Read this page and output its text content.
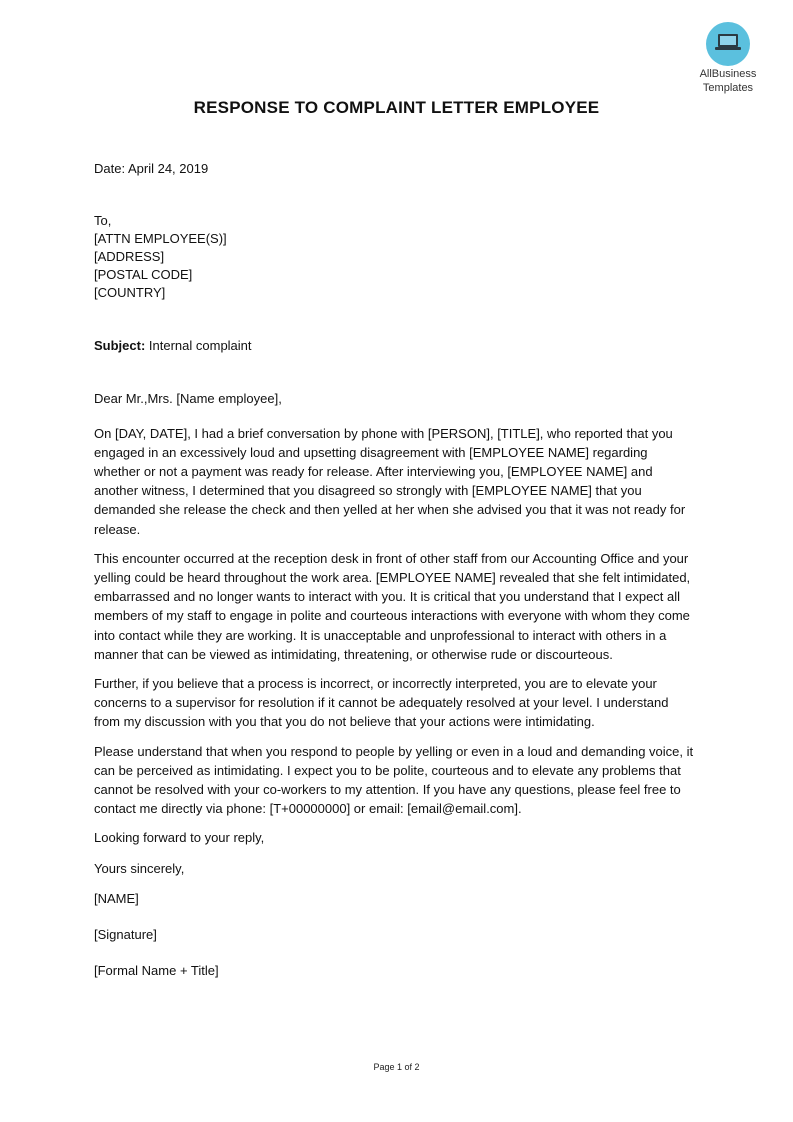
AllBusiness
Templates
RESPONSE TO COMPLAINT LETTER EMPLOYEE
Date: April 24, 2019
To,
[ATTN EMPLOYEE(S)]
[ADDRESS]
[POSTAL CODE]
[COUNTRY]
Subject: Internal complaint
Dear Mr.,Mrs. [Name employee],

On [DAY, DATE], I had a brief conversation by phone with [PERSON], [TITLE], who reported that you engaged in an excessively loud and upsetting disagreement with [EMPLOYEE NAME] regarding whether or not a payment was ready for release. After interviewing you, [EMPLOYEE NAME] and another witness, I determined that you disagreed so strongly with [EMPLOYEE NAME] that you demanded she release the check and then yelled at her when she advised you that it was not ready for release.

This encounter occurred at the reception desk in front of other staff from our Accounting Office and your yelling could be heard throughout the work area. [EMPLOYEE NAME] revealed that she felt intimidated, embarrassed and no longer wants to interact with you. It is critical that you understand that I expect all members of my staff to engage in polite and courteous interactions with everyone with whom they come into contact while they are working. It is unacceptable and unprofessional to interact with others in a manner that can be viewed as intimidating, threatening, or otherwise rude or discourteous.

Further, if you believe that a process is incorrect, or incorrectly interpreted, you are to elevate your concerns to a supervisor for resolution if it cannot be adequately resolved at your level. I understand from my discussion with you that you do not believe that your actions were intimidating.

Please understand that when you respond to people by yelling or even in a loud and demanding voice, it can be perceived as intimidating. I expect you to be polite, courteous and to elevate any problems that cannot be resolved with your co-workers to my attention. If you have any questions, please feel free to contact me directly via phone: [T+00000000] or email: [email@email.com].

Looking forward to your reply,

Yours sincerely,

[NAME]

[Signature]

[Formal Name + Title]

Page 1 of 2
